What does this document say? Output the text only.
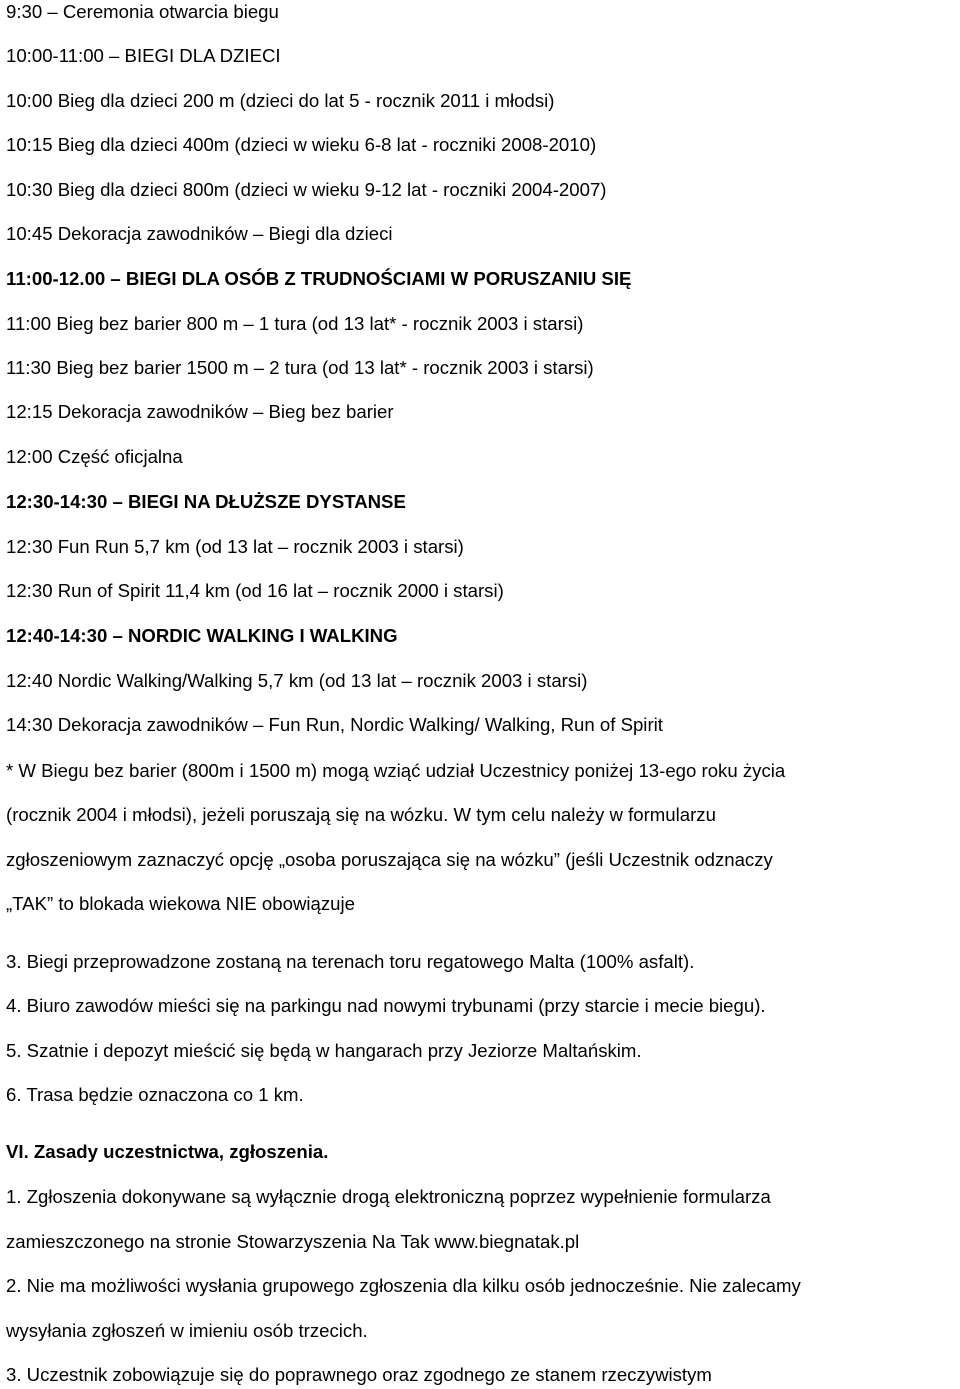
9:30 – Ceremonia otwarcia biegu
10:00-11:00 – BIEGI DLA DZIECI
10:00 Bieg dla dzieci 200 m (dzieci do lat 5 - rocznik 2011 i młodsi)
10:15 Bieg dla dzieci 400m (dzieci w wieku 6-8 lat - roczniki 2008-2010)
10:30 Bieg dla dzieci 800m (dzieci w wieku 9-12 lat - roczniki 2004-2007)
10:45 Dekoracja zawodników – Biegi dla dzieci
11:00-12.00 – BIEGI DLA OSÓB Z TRUDNOŚCIAMI W PORUSZANIU SIĘ
11:00 Bieg bez barier 800 m – 1 tura (od 13 lat* - rocznik 2003 i starsi)
11:30 Bieg bez barier 1500 m – 2 tura (od 13 lat* - rocznik 2003 i starsi)
12:15 Dekoracja zawodników – Bieg bez barier
12:00 Część oficjalna
12:30-14:30 – BIEGI NA DŁUŻSZE DYSTANSE
12:30 Fun Run 5,7 km (od 13 lat – rocznik 2003 i starsi)
12:30 Run of Spirit 11,4 km (od 16 lat – rocznik 2000 i starsi)
12:40-14:30 – NORDIC WALKING I WALKING
12:40 Nordic Walking/Walking 5,7 km (od 13 lat – rocznik 2003 i starsi)
14:30 Dekoracja zawodników – Fun Run, Nordic Walking/ Walking, Run of Spirit
* W Biegu bez barier (800m i 1500 m) mogą wziąć udział Uczestnicy poniżej 13-ego roku życia
(rocznik 2004 i młodsi), jeżeli poruszają się na wózku. W tym celu należy w formularzu
zgłoszeniowym zaznaczyć opcję „osoba poruszająca się na wózku” (jeśli Uczestnik odznaczy
„TAK” to blokada wiekowa NIE obowiązuje
3. Biegi przeprowadzone zostaną na terenach toru regatowego Malta (100% asfalt).
4. Biuro zawodów mieści się na parkingu nad nowymi trybunami (przy starcie i mecie biegu).
5. Szatnie i depozyt mieścić się będą w hangarach przy Jeziorze Maltańskim.
6. Trasa będzie oznaczona co 1 km.
VI. Zasady uczestnictwa, zgłoszenia.
1. Zgłoszenia dokonywane są wyłącznie drogą elektroniczną poprzez wypełnienie formularza
zamieszczonego na stronie Stowarzyszenia Na Tak www.biegnatak.pl
2. Nie ma możliwości wysłania grupowego zgłoszenia dla kilku osób jednocześnie. Nie zalecamy
wysyłania zgłoszeń w imieniu osób trzecich.
3. Uczestnik zobowiązuje się do poprawnego oraz zgodnego ze stanem rzeczywistym
